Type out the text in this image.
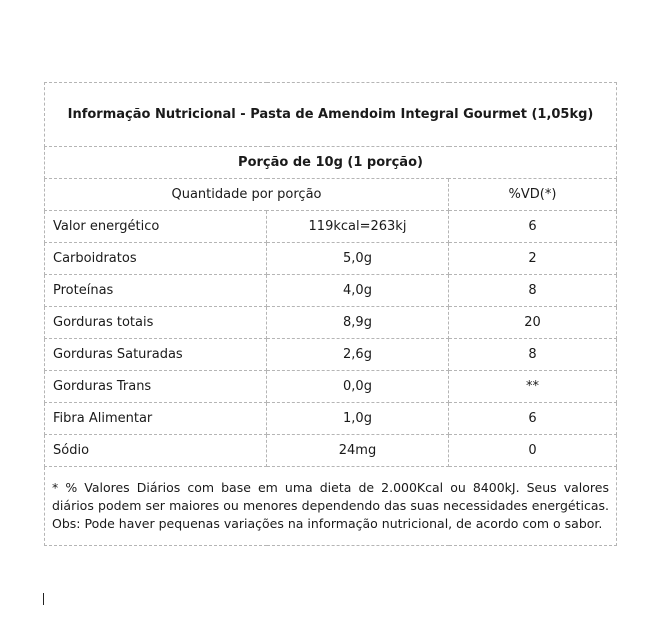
Informação Nutricional - Pasta de Amendoim Integral Gourmet (1,05kg)		
Porção de 10g (1 porção)		
Quantidade por porção		%VD(*)
Valor energético	119kcal=263kj	6
Carboidratos	5,0g	2
Proteínas	4,0g	8
Gorduras totais	8,9g	20
Gorduras Saturadas	2,6g	8
Gorduras Trans	0,0g	**
Fibra Alimentar	1,0g	6
Sódio	24mg	0
* % Valores Diários com base em uma dieta de 2.000Kcal ou 8400kJ. Seus valores diários podem ser maiores ou menores dependendo das suas necessidades energéticas. Obs: Pode haver pequenas variações na informação nutricional, de acordo com o sabor.		
